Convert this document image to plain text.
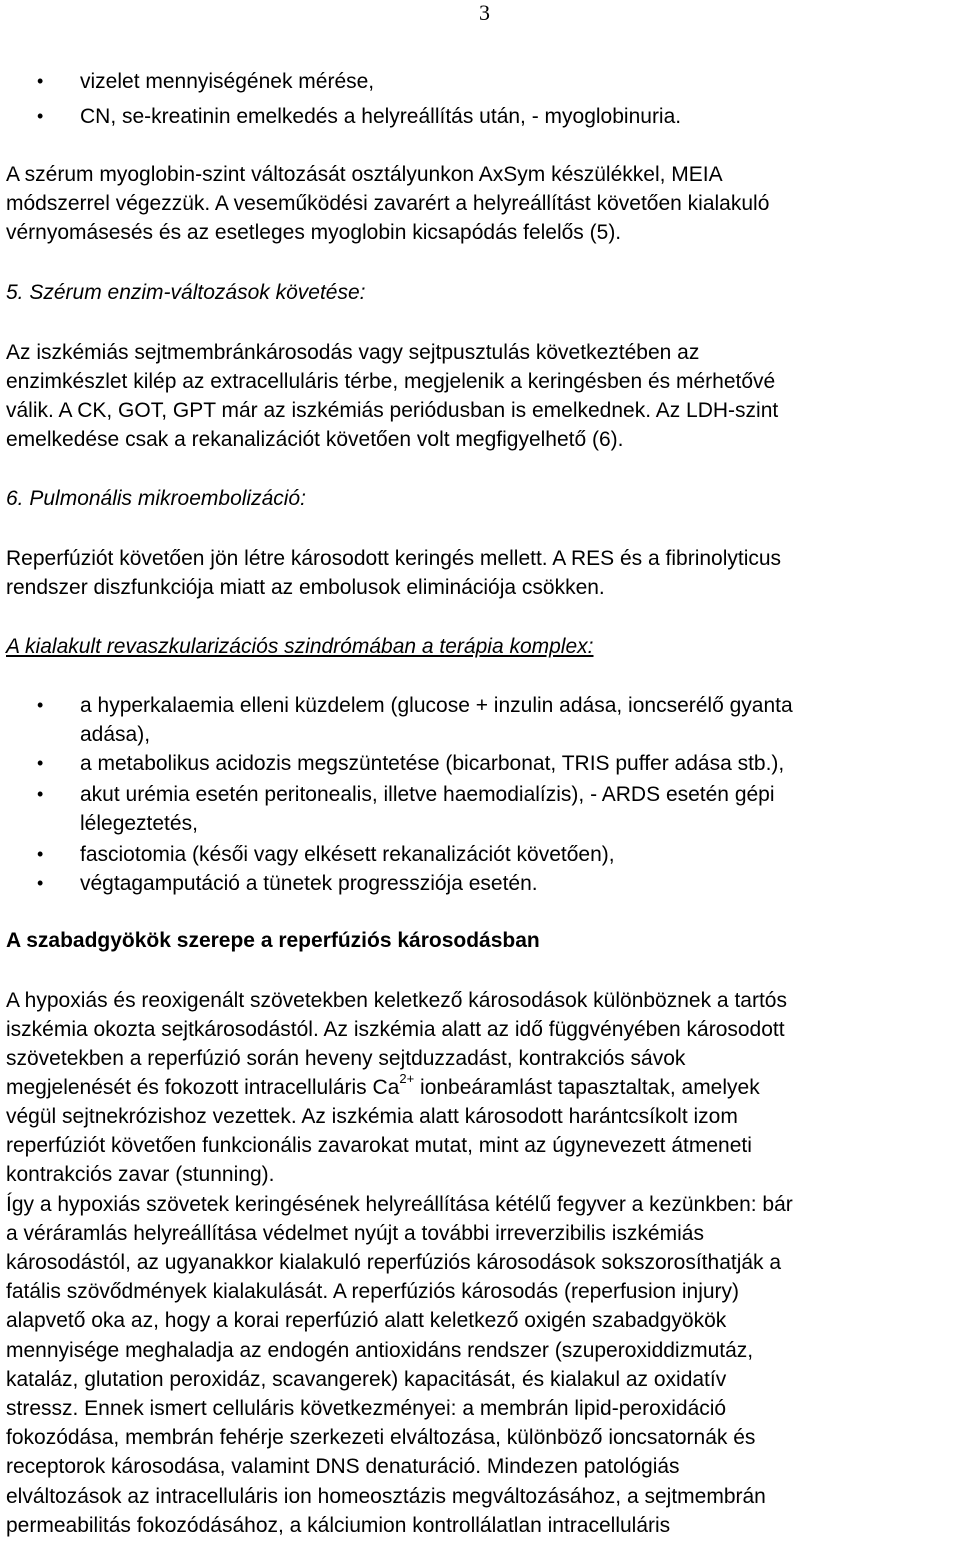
3
• vizelet mennyiségének mérése,
• CN, se-kreatinin emelkedés a helyreállítás után, - myoglobinuria.
A szérum myoglobin-szint változását osztályunkon AxSym készülékkel, MEIA
módszerrel végezzük. A veseműködési zavarért a helyreállítást követően kialakuló
vérnyomásesés és az esetleges myoglobin kicsapódás felelős (5).
5. Szérum enzim-változások követése:
Az iszkémiás sejtmembránkárosodás vagy sejtpusztulás következtében az
enzimkészlet kilép az extracelluláris térbe, megjelenik a keringésben és mérhetővé
válik. A CK, GOT, GPT már az iszkémiás periódusban is emelkednek. Az LDH-szint
emelkedése csak a rekanalizációt követően volt megfigyelhető (6).
6. Pulmonális mikroembolizáció:
Reperfúziót követően jön létre károsodott keringés mellett. A RES és a fibrinolyticus
rendszer diszfunkciója miatt az embolusok eliminációja csökken.
A kialakult revaszkularizációs szindrómában a terápia komplex:
• a hyperkalaemia elleni küzdelem (glucose + inzulin adása, ioncserélő gyanta
adása),
• a metabolikus acidozis megszüntetése (bicarbonat, TRIS puffer adása stb.),
• akut urémia esetén peritonealis, illetve haemodialízis), - ARDS esetén gépi
lélegeztetés,
• fasciotomia (késői vagy elkésett rekanalizációt követően),
• végtagamputáció a tünetek progressziója esetén.
A szabadgyökök szerepe a reperfúziós károsodásban
A hypoxiás és reoxigenált szövetekben keletkező károsodások különböznek a tartós
iszkémia okozta sejtkárosodástól. Az iszkémia alatt az idő függvényében károsodott
szövetekben a reperfúzió során heveny sejtduzzadást, kontrakciós sávok
megjelenését és fokozott intracelluláris $Ca^{2+}$ ionbeáramlást tapasztaltak, amelyek
végül sejtnekrózishoz vezettek. Az iszkémia alatt károsodott harántcsíkolt izom
reperfúziót követően funkcionális zavarokat mutat, mint az úgynevezett átmeneti
kontrakciós zavar (stunning).
Így a hypoxiás szövetek keringésének helyreállítása kétélű fegyver a kezünkben: bár
a véráramlás helyreállítása védelmet nyújt a további irreverzibilis iszkémiás
károsodástól, az ugyanakkor kialakuló reperfúziós károsodások sokszorosíthatják a
fatális szövődmények kialakulását. A reperfúziós károsodás (reperfusion injury)
alapvető oka az, hogy a korai reperfúzió alatt keletkező oxigén szabadgyökök
mennyisége meghaladja az endogén antioxidáns rendszer (szuperoxiddizmutáz,
kataláz, glutation peroxidáz, scavangerek) kapacitását, és kialakul az oxidatív
stressz. Ennek ismert celluláris következményei: a membrán lipid-peroxidáció
fokozódása, membrán fehérje szerkezeti elváltozása, különböző ioncsatornák és
receptorok károsodása, valamint DNS denaturáció. Mindezen patológiás
elváltozások az intracelluláris ion homeosztázis megváltozásához, a sejtmembrán
permeabilitás fokozódásához, a kálciumion kontrollálatlan intracelluláris
